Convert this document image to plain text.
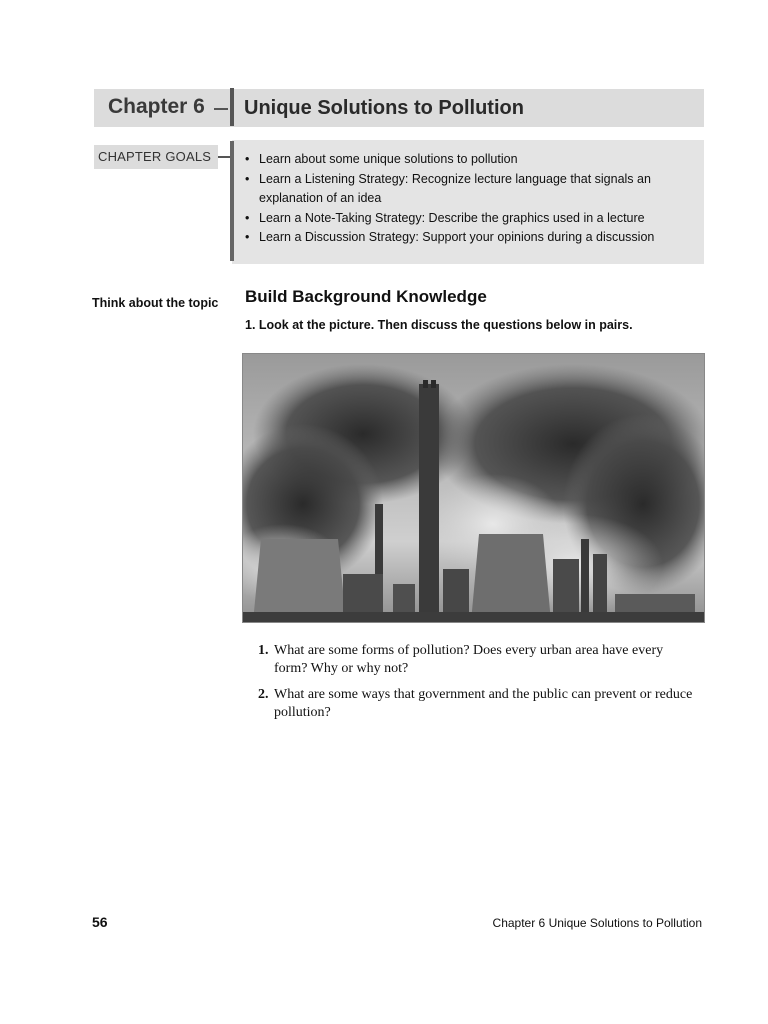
Chapter 6 Unique Solutions to Pollution
CHAPTER GOALS	• Learn about some unique solutions to pollution
• Learn a Listening Strategy: Recognize lecture language that signals an explanation of an idea
• Learn a Note-Taking Strategy: Describe the graphics used in a lecture
• Learn a Discussion Strategy: Support your opinions during a discussion
Think about the topic Build Background Knowledge
1. Look at the picture. Then discuss the questions below in pairs.
1. What are some forms of pollution? Does every urban area have every form? Why or why not?
2. What are some ways that government and the public can prevent or reduce pollution?
56	Chapter 6 Unique Solutions to Pollution
